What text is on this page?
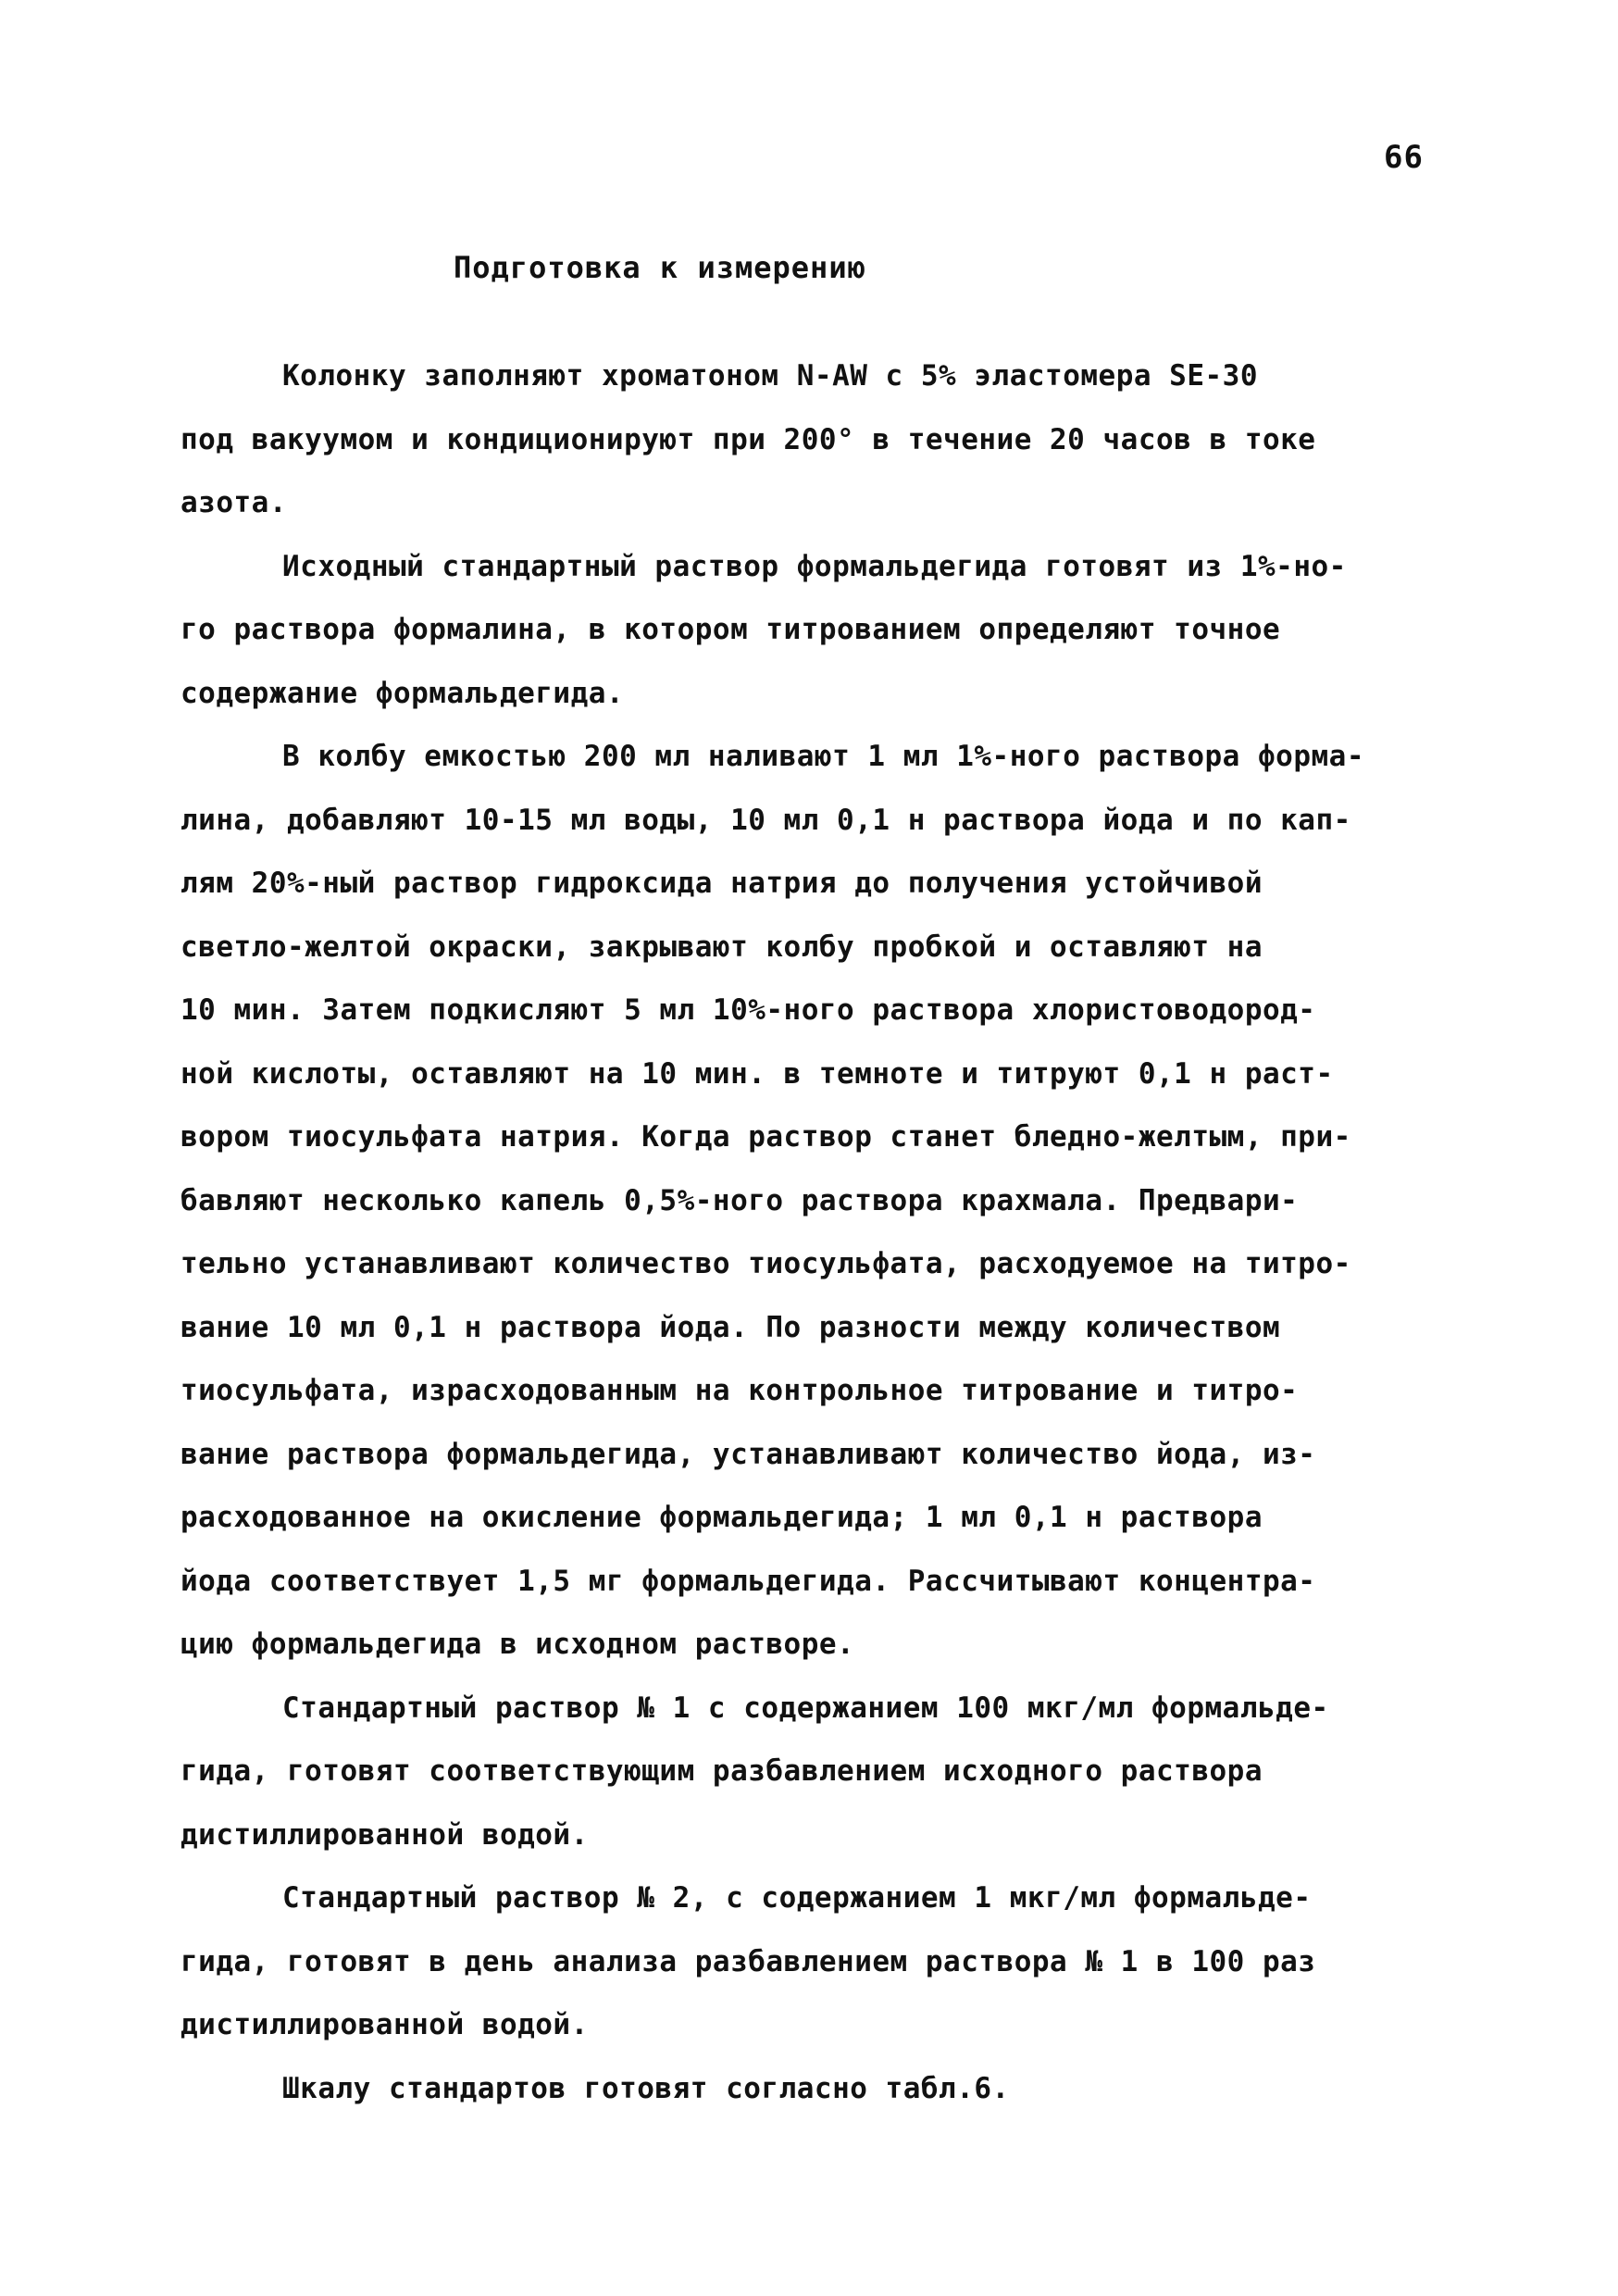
66
Подготовка к измерению

Колонку заполняют хроматоном N-AW с 5% эластомера SE-30
под вакуумом и кондиционируют при 200° в течение 20 часов в токе
азота.

Исходный стандартный раствор формальдегида готовят из 1%-но-
го раствора формалина, в котором титрованием определяют точное
содержание формальдегида.

В колбу емкостью 200 мл наливают 1 мл 1%-ного раствора форма-
лина, добавляют 10-15 мл воды, 10 мл 0,1 н раствора йода и по кап-
лям 20%-ный раствор гидроксида натрия до получения устойчивой
светло-желтой окраски, закрывают колбу пробкой и оставляют на
10 мин. Затем подкисляют 5 мл 10%-ного раствора хлористоводород-
ной кислоты, оставляют на 10 мин. в темноте и титруют 0,1 н раст-
вором тиосульфата натрия. Когда раствор станет бледно-желтым, при-
бавляют несколько капель 0,5%-ного раствора крахмала. Предвари-
тельно устанавливают количество тиосульфата, расходуемое на титро-
вание 10 мл 0,1 н раствора йода. По разности между количеством
тиосульфата, израсходованным на контрольное титрование и титро-
вание раствора формальдегида, устанавливают количество йода, из-
расходованное на окисление формальдегида; 1 мл 0,1 н раствора
йода соответствует 1,5 мг формальдегида. Рассчитывают концентра-
цию формальдегида в исходном растворе.

Стандартный раствор № 1 с содержанием 100 мкг/мл формальде-
гида, готовят соответствующим разбавлением исходного раствора
дистиллированной водой.

Стандартный раствор № 2, с содержанием 1 мкг/мл формальде-
гида, готовят в день анализа разбавлением раствора № 1 в 100 раз
дистиллированной водой.

Шкалу стандартов готовят согласно табл.6.
